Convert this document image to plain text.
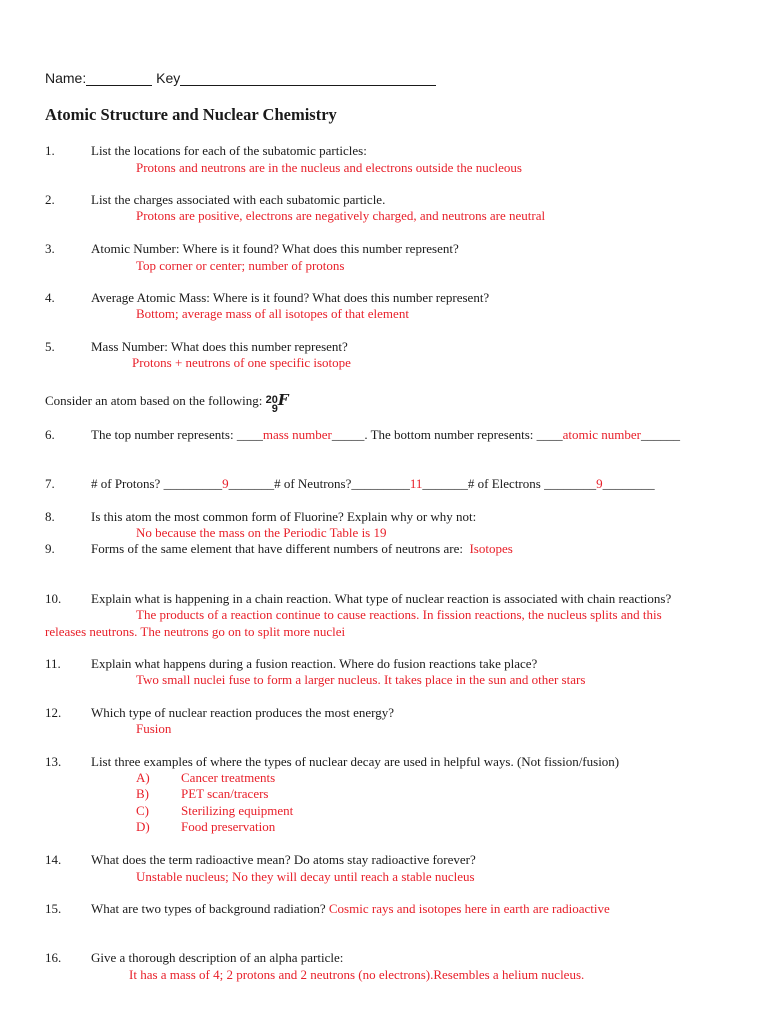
Name:	Key
Atomic Structure and Nuclear Chemistry
1.	List the locations for each of the subatomic particles:
Protons and neutrons are in the nucleus and electrons outside the nucleous
2.	List the charges associated with each subatomic particle.
Protons are positive, electrons are negatively charged, and neutrons are neutral
3.	Atomic Number: Where is it found? What does this number represent?
Top corner or center; number of protons
4.	Average Atomic Mass: Where is it found? What does this number represent?
Bottom; average mass of all isotopes of that element
5.	Mass Number: What does this number represent?
Protons + neutrons of one specific isotope
Consider an atom based on the following: 20
9 F
6.	The top number represents: ____mass number_____. The bottom number represents: ____atomic number______
7.	# of Protons? _________9_______# of Neutrons?_________11_______# of Electrons ________9________
8.	Is this atom the most common form of Fluorine? Explain why or why not:
No because the mass on the Periodic Table is 19
9.	Forms of the same element that have different numbers of neutrons are: Isotopes
10. Explain what is happening in a chain reaction. What type of nuclear reaction is associated with chain reactions?
The products of a reaction continue to cause reactions. In fission reactions, the nucleus splits and this
releases neutrons. The neutrons go on to split more nuclei
11. Explain what happens during a fusion reaction. Where do fusion reactions take place?
Two small nuclei fuse to form a larger nucleus. It takes place in the sun and other stars
12. Which type of nuclear reaction produces the most energy?
Fusion
13. List three examples of where the types of nuclear decay are used in helpful ways. (Not fission/fusion)
A) Cancer treatments
B) PET scan/tracers
C) Sterilizing equipment
D) Food preservation
14. What does the term radioactive mean? Do atoms stay radioactive forever?
Unstable nucleus; No they will decay until reach a stable nucleus
15. What are two types of background radiation? Cosmic rays and isotopes here in earth are radioactive
16. Give a thorough description of an alpha particle:
It has a mass of 4; 2 protons and 2 neutrons (no electrons).Resembles a helium nucleus.
